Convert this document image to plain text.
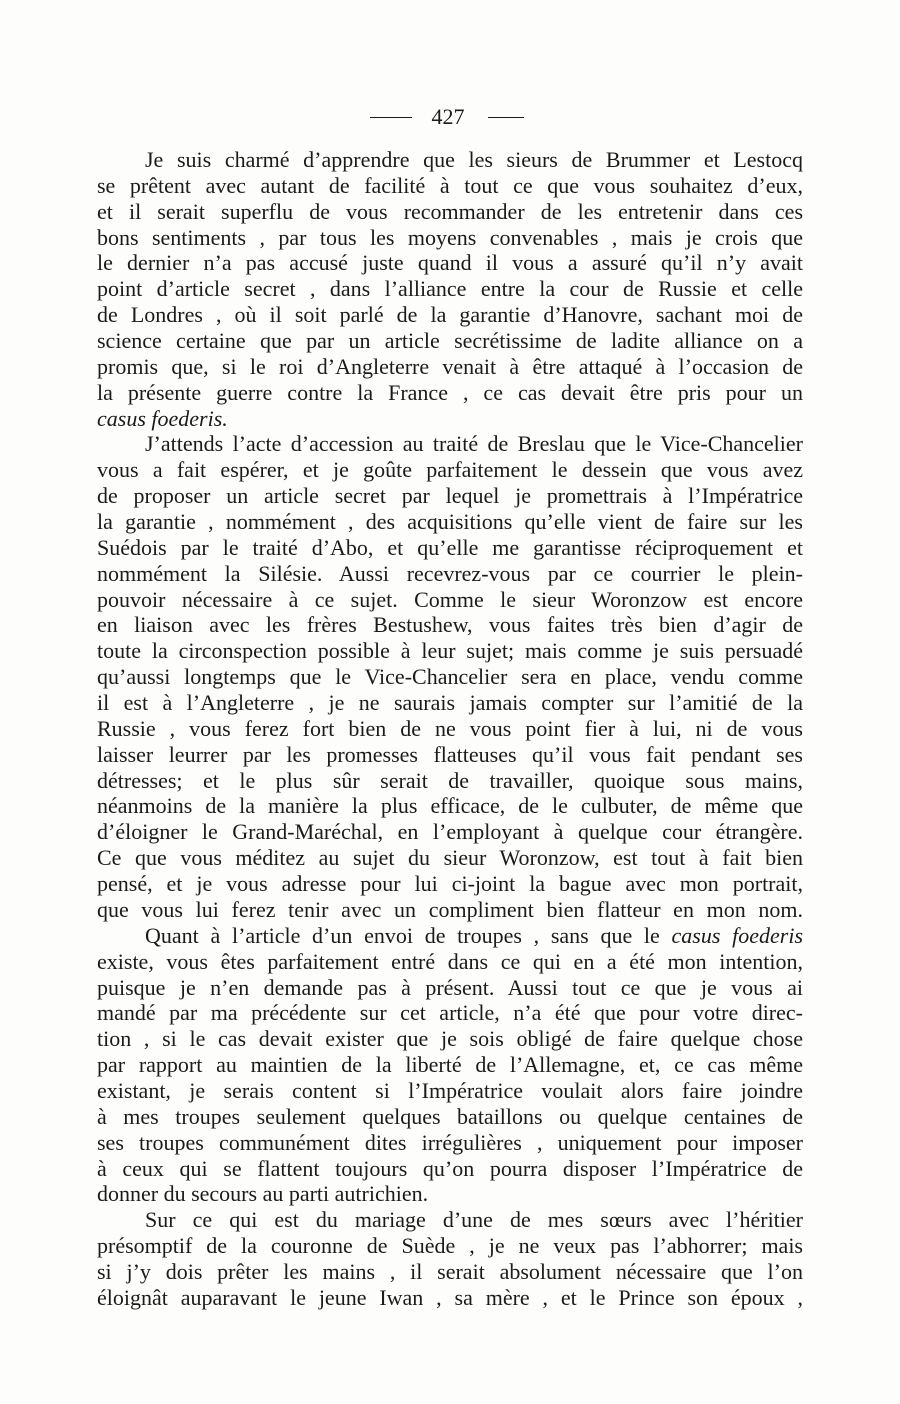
427
Je suis charmé d’apprendre que les sieurs de Brummer et Lestocq
se prêtent avec autant de facilité à tout ce que vous souhaitez d’eux,
et il serait superflu de vous recommander de les entretenir dans ces
bons sentiments , par tous les moyens convenables , mais je crois que
le dernier n’a pas accusé juste quand il vous a assuré qu’il n’y avait
point d’article secret , dans l’alliance entre la cour de Russie et celle
de Londres , où il soit parlé de la garantie d’Hanovre, sachant moi de
science certaine que par un article secrétissime de ladite alliance on a
promis que, si le roi d’Angleterre venait à être attaqué à l’occasion de
la présente guerre contre la France , ce cas devait être pris pour un
casus foederis.
J’attends l’acte d’accession au traité de Breslau que le Vice-Chancelier
vous a fait espérer, et je goûte parfaitement le dessein que vous avez
de proposer un article secret par lequel je promettrais à l’Impératrice
la garantie , nommément , des acquisitions qu’elle vient de faire sur les
Suédois par le traité d’Abo, et qu’elle me garantisse réciproquement et
nommément la Silésie. Aussi recevrez-vous par ce courrier le plein-
pouvoir nécessaire à ce sujet. Comme le sieur Woronzow est encore
en liaison avec les frères Bestushew, vous faites très bien d’agir de
toute la circonspection possible à leur sujet; mais comme je suis persuadé
qu’aussi longtemps que le Vice-Chancelier sera en place, vendu comme
il est à l’Angleterre , je ne saurais jamais compter sur l’amitié de la
Russie , vous ferez fort bien de ne vous point fier à lui, ni de vous
laisser leurrer par les promesses flatteuses qu’il vous fait pendant ses
détresses; et le plus sûr serait de travailler, quoique sous mains,
néanmoins de la manière la plus efficace, de le culbuter, de même que
d’éloigner le Grand-Maréchal, en l’employant à quelque cour étrangère.
Ce que vous méditez au sujet du sieur Woronzow, est tout à fait bien
pensé, et je vous adresse pour lui ci-joint la bague avec mon portrait,
que vous lui ferez tenir avec un compliment bien flatteur en mon nom.
Quant à l’article d’un envoi de troupes , sans que le casus foederis
existe, vous êtes parfaitement entré dans ce qui en a été mon intention,
puisque je n’en demande pas à présent. Aussi tout ce que je vous ai
mandé par ma précédente sur cet article, n’a été que pour votre direc-
tion , si le cas devait exister que je sois obligé de faire quelque chose
par rapport au maintien de la liberté de l’Allemagne, et, ce cas même
existant, je serais content si l’Impératrice voulait alors faire joindre
à mes troupes seulement quelques bataillons ou quelque centaines de
ses troupes communément dites irrégulières , uniquement pour imposer
à ceux qui se flattent toujours qu’on pourra disposer l’Impératrice de
donner du secours au parti autrichien.
Sur ce qui est du mariage d’une de mes sœurs avec l’héritier
présomptif de la couronne de Suède , je ne veux pas l’abhorrer; mais
si j’y dois prêter les mains , il serait absolument nécessaire que l’on
éloignât auparavant le jeune Iwan , sa mère , et le Prince son époux ,
